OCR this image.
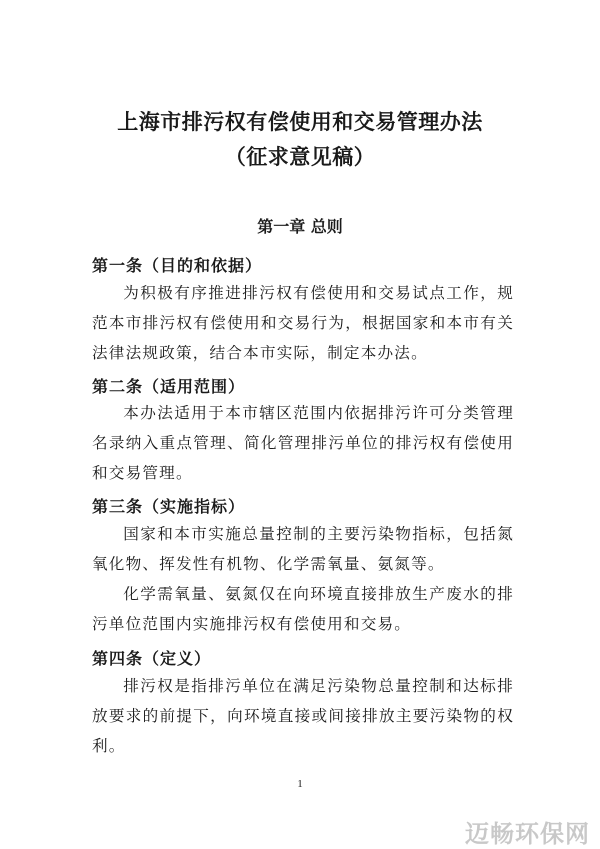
上海市排污权有偿使用和交易管理办法
（征求意见稿）
第一章 总则
第一条（目的和依据）

为积极有序推进排污权有偿使用和交易试点工作，规范本市排污权有偿使用和交易行为，根据国家和本市有关法律法规政策，结合本市实际，制定本办法。

第二条（适用范围）

本办法适用于本市辖区范围内依据排污许可分类管理名录纳入重点管理、简化管理排污单位的排污权有偿使用和交易管理。

第三条（实施指标）

国家和本市实施总量控制的主要污染物指标，包括氮氧化物、挥发性有机物、化学需氧量、氨氮等。

化学需氧量、氨氮仅在向环境直接排放生产废水的排污单位范围内实施排污权有偿使用和交易。

第四条（定义）

排污权是指排污单位在满足污染物总量控制和达标排放要求的前提下，向环境直接或间接排放主要污染物的权利。

1
迈畅环保网
